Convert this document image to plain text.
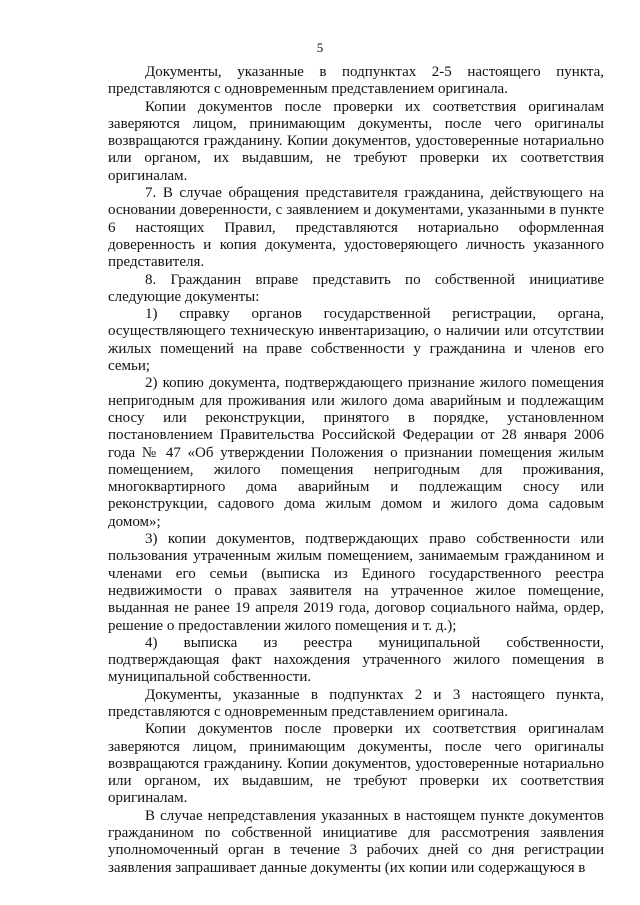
5

Документы, указанные в подпунктах 2-5 настоящего пункта, представляются с одновременным представлением оригинала.

Копии документов после проверки их соответствия оригиналам заверяются лицом, принимающим документы, после чего оригиналы возвращаются гражданину. Копии документов, удостоверенные нотариально или органом, их выдавшим, не требуют проверки их соответствия оригиналам.

7. В случае обращения представителя гражданина, действующего на основании доверенности, с заявлением и документами, указанными в пункте 6 настоящих Правил, представляются нотариально оформленная доверенность и копия документа, удостоверяющего личность указанного представителя.

8. Гражданин вправе представить по собственной инициативе следующие документы:

1) справку органов государственной регистрации, органа, осуществляющего техническую инвентаризацию, о наличии или отсутствии жилых помещений на праве собственности у гражданина и членов его семьи;

2) копию документа, подтверждающего признание жилого помещения непригодным для проживания или жилого дома аварийным и подлежащим сносу или реконструкции, принятого в порядке, установленном постановлением Правительства Российской Федерации от 28 января 2006 года № 47 «Об утверждении Положения о признании помещения жилым помещением, жилого помещения непригодным для проживания, многоквартирного дома аварийным и подлежащим сносу или реконструкции, садового дома жилым домом и жилого дома садовым домом»;

3) копии документов, подтверждающих право собственности или пользования утраченным жилым помещением, занимаемым гражданином и членами его семьи (выписка из Единого государственного реестра недвижимости о правах заявителя на утраченное жилое помещение, выданная не ранее 19 апреля 2019 года, договор социального найма, ордер, решение о предоставлении жилого помещения и т. д.);

4) выписка из реестра муниципальной собственности, подтверждающая факт нахождения утраченного жилого помещения в муниципальной собственности.

Документы, указанные в подпунктах 2 и 3 настоящего пункта, представляются с одновременным представлением оригинала.

Копии документов после проверки их соответствия оригиналам заверяются лицом, принимающим документы, после чего оригиналы возвращаются гражданину. Копии документов, удостоверенные нотариально или органом, их выдавшим, не требуют проверки их соответствия оригиналам.

В случае непредставления указанных в настоящем пункте документов гражданином по собственной инициативе для рассмотрения заявления уполномоченный орган в течение 3 рабочих дней со дня регистрации заявления запрашивает данные документы (их копии или содержащуюся в
